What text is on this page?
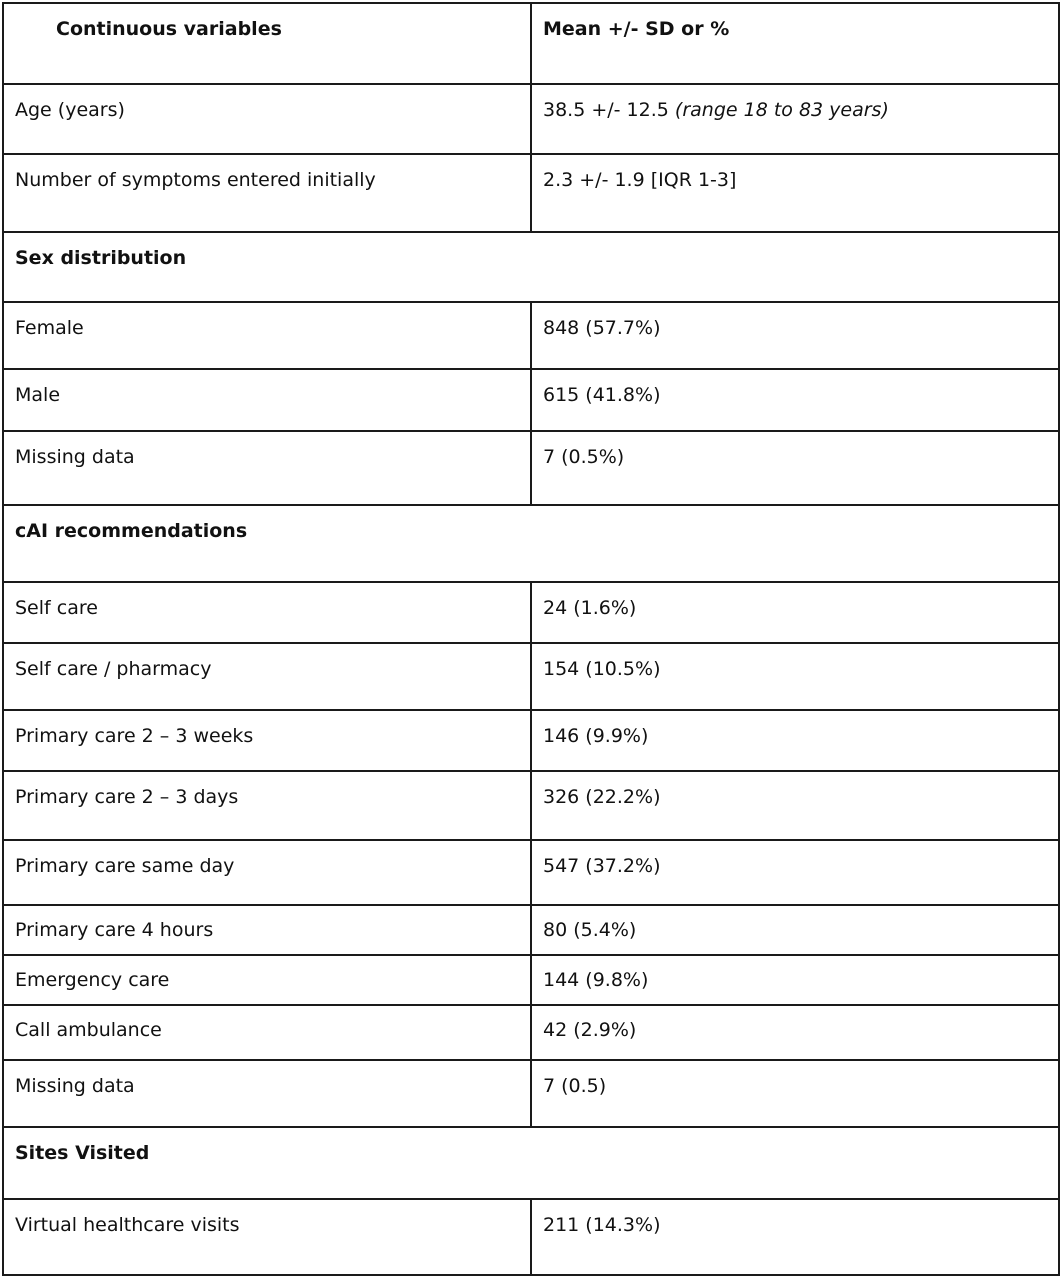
Continuous variables	Mean +/- SD or %
Age (years)	38.5 +/- 12.5 (range 18 to 83 years)
Number of symptoms entered initially	2.3 +/- 1.9 [IQR 1-3]
Sex distribution	
Female	848 (57.7%)
Male	615 (41.8%)
Missing data	7 (0.5%)
cAI recommendations	
Self care	24 (1.6%)
Self care / pharmacy	154 (10.5%)
Primary care 2 – 3 weeks	146 (9.9%)
Primary care 2 – 3 days	326 (22.2%)
Primary care same day	547 (37.2%)
Primary care 4 hours	80 (5.4%)
Emergency care	144 (9.8%)
Call ambulance	42 (2.9%)
Missing data	7 (0.5)
Sites Visited	
Virtual healthcare visits	211 (14.3%)
